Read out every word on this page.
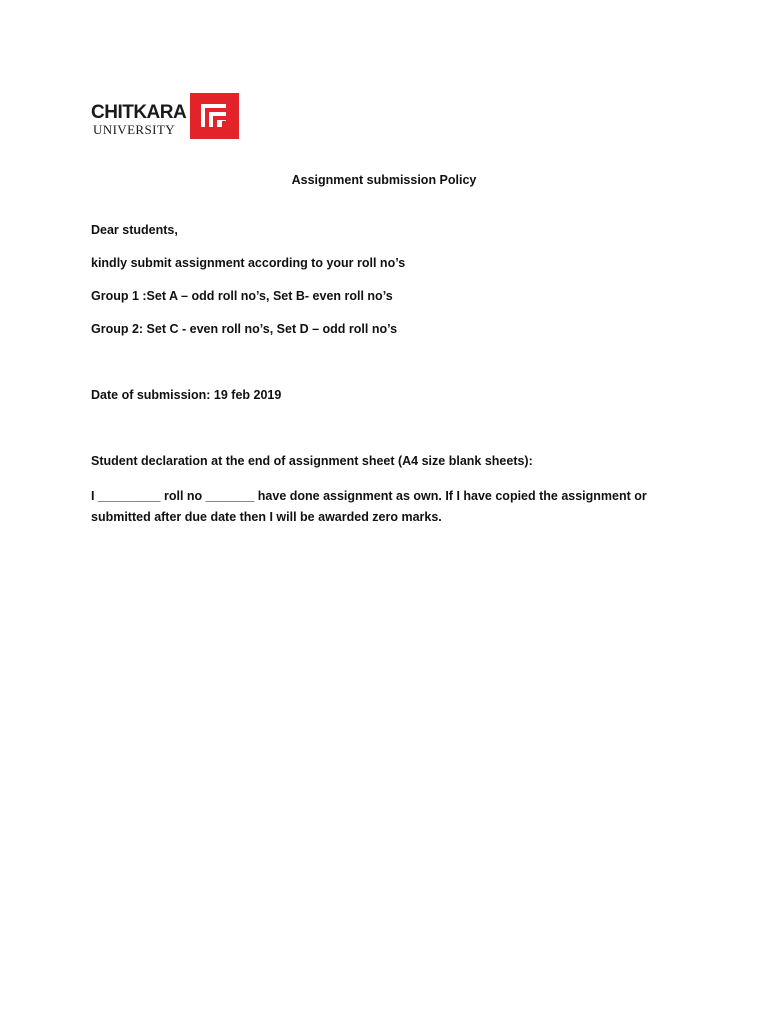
CHITKARA
UNIVERSITY
Assignment submission Policy
Dear students,
kindly submit assignment according to your roll no’s
Group 1 :Set A – odd roll no’s, Set B- even roll no’s
Group 2: Set C - even roll no’s, Set D – odd roll no’s
Date of submission: 19 feb 2019
Student declaration at the end of assignment sheet (A4 size blank sheets):
I _________ roll no _______ have done assignment as own. If I have copied the assignment or submitted after due date then I will be awarded zero marks.
